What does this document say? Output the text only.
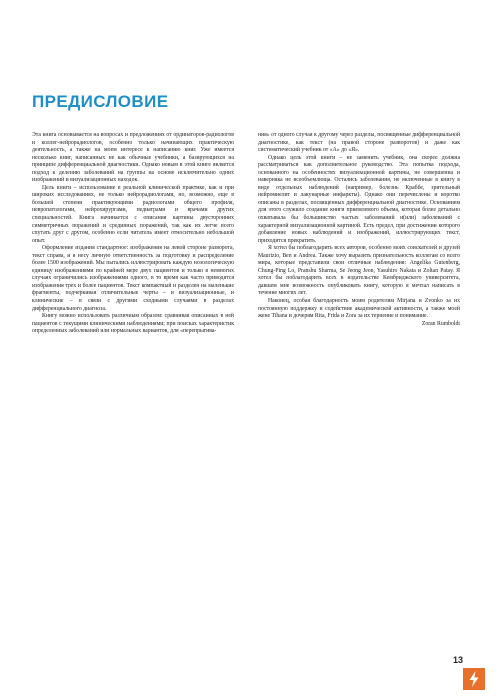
ПРЕДИСЛОВИЕ

Эта книга основывается на вопросах и предложениях от ординаторов-радиологов и коллег-нейрорадиологов, особенно только начинающих практическую деятельность, а также на моем интересе к написанию книг. Уже имеется несколько книг, написанных не как обычные учебники, а базирующихся на принципе дифференциальной диагностики. Однако новым в этой книге является подход к делению заболеваний на группы на основе исключительно одних изображений и визуализационных находок.

Цель книги – использование в реальной клинической практике, как и при широких исследованиях, не только нейрорадиологами, но, возможно, еще в большей степени практикующими радиологами общего профиля, невропатологами, нейрохирургами, педиатрами и врачами других специальностей. Книга начинается с описания картины двусторонних симметричных поражений и срединных поражений, так как их легче всего спутать друг с другом, особенно если читатель имеет относительно небольшой опыт.

Оформление издания стандартное: изображения на левой стороне разворота, текст справа, и я несу личную ответственность за подготовку и распределение более 1500 изображений. Мы пытались иллюстрировать каждую нозологическую единицу изображениями по крайней мере двух пациентов и только в немногих случаях ограничились изображениями одного, в то время как часто приводятся изображения трех и более пациентов. Текст компактный и разделен на маленькие фрагменты, подчеркивая отличительные черты – и визуализационные, и клинические – в связи с другими сходными случаями в разделах дифференциального диагноза.

Книгу можно использовать различным образом: сравнивая описанных в ней пациентов с текущими клиническими наблюдениями; при поисках характеристик определенных заболеваний или нормальных вариантов, для «перепрыгива-

ния» от одного случая к другому через разделы, посвященные дифференциальной диагностике, как текст (на правой стороне разворотов) и даже как систематический учебник от «А» до «Я».

Однако цель этой книги – не заменить учебник, она скорее должна рассматриваться как дополнительное руководство. Эта попытка подхода, основанного на особенностях визуализационной картины, не совершенна и наверняка не всеобъемлюща. Остались заболевания, не включенные в книгу в виде отдельных наблюдений (например, болезнь Краббе, зрительный нейромиелит и лакунарные инфаркты). Однако они перечислены и коротко описаны в разделах, посвященных дифференциальной диагностике. Основанием для этого служило создание книги приемлемого объема, которая более детально охватывала бы большинство частых заболеваний и(или) заболеваний с характерной визуализационной картиной. Есть предел, при достижении которого добавление новых наблюдений и изображений, иллюстрирующих текст, приходится прекратить.

Я хотел бы поблагодарить всех авторов, особенно моих соискателей и друзей Maurizio, Ben и Andrea. Также хочу выразить признательность коллегам со всего мира, которые представили свои отличные наблюдения: Angelika Gutenberg, Chung-Ping Lo, Pranshu Sharma, Se Jeong Jeon, Yasuhiro Nakata и Zoltan Patay. Я хотел бы поблагодарить всех в издательстве Кембриджского университета, давшем мне возможность опубликовать книгу, которую я мечтал написать в течение многих лет.

Наконец, особая благодарность моим родителям Mirjana и Zvonko за их постоянную поддержку и содействие академической активности, а также моей жене Tihana и дочерям Rita, Frida и Zora за их терпение и понимание.

Zoran Rumboldt

13
